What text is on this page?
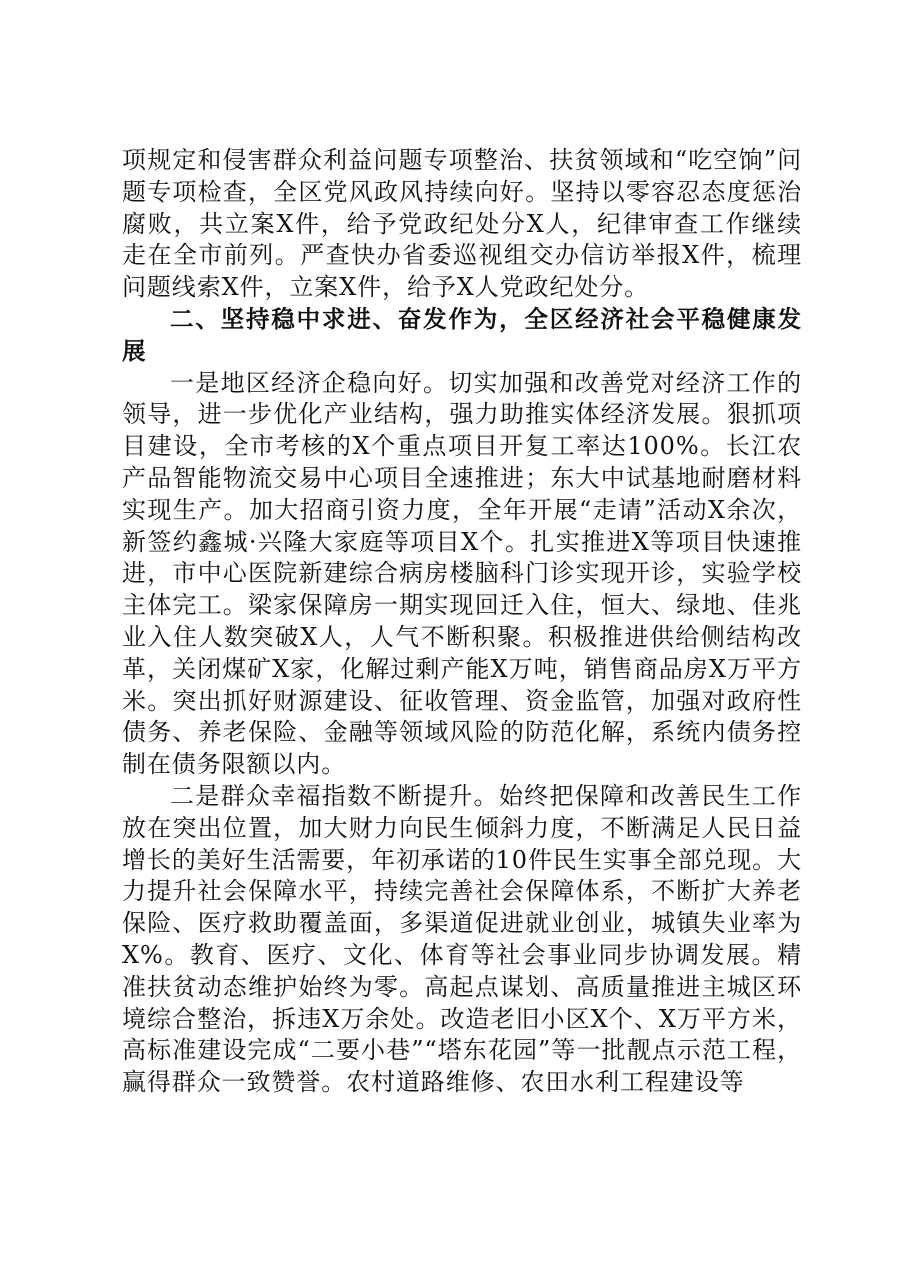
项规定和侵害群众利益问题专项整治、扶贫领域和“吃空饷”问题专项检查，全区党风政风持续向好。坚持以零容忍态度惩治腐败，共立案X件，给予党政纪处分X人，纪律审查工作继续走在全市前列。严查快办省委巡视组交办信访举报X件，梳理问题线索X件，立案X件，给予X人党政纪处分。

二、坚持稳中求进、奋发作为，全区经济社会平稳健康发展

一是地区经济企稳向好。切实加强和改善党对经济工作的领导，进一步优化产业结构，强力助推实体经济发展。狠抓项目建设，全市考核的X个重点项目开复工率达100%。长江农产品智能物流交易中心项目全速推进；东大中试基地耐磨材料实现生产。加大招商引资力度，全年开展“走请”活动X余次，新签约鑫城·兴隆大家庭等项目X个。扎实推进X等项目快速推进，市中心医院新建综合病房楼脑科门诊实现开诊，实验学校主体完工。梁家保障房一期实现回迁入住，恒大、绿地、佳兆业入住人数突破X人，人气不断积聚。积极推进供给侧结构改革，关闭煤矿X家，化解过剩产能X万吨，销售商品房X万平方米。突出抓好财源建设、征收管理、资金监管，加强对政府性债务、养老保险、金融等领域风险的防范化解，系统内债务控制在债务限额以内。

二是群众幸福指数不断提升。始终把保障和改善民生工作放在突出位置，加大财力向民生倾斜力度，不断满足人民日益增长的美好生活需要，年初承诺的10件民生实事全部兑现。大力提升社会保障水平，持续完善社会保障体系，不断扩大养老保险、医疗救助覆盖面，多渠道促进就业创业，城镇失业率为X%。教育、医疗、文化、体育等社会事业同步协调发展。精准扶贫动态维护始终为零。高起点谋划、高质量推进主城区环境综合整治，拆违X万余处。改造老旧小区X个、X万平方米，高标准建设完成“二要小巷”“塔东花园”等一批靓点示范工程，赢得群众一致赞誉。农村道路维修、农田水利工程建设等
